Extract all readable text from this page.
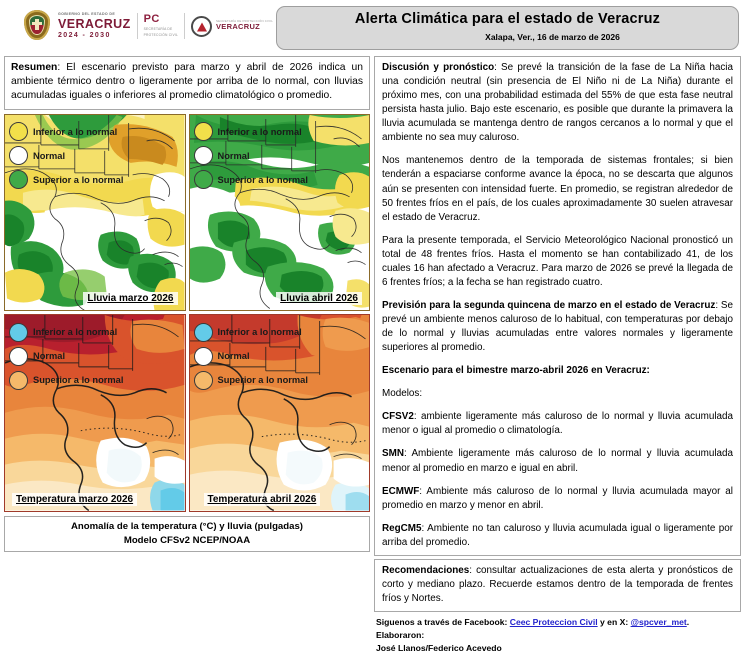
GOBIERNO DEL ESTADO DE
VERACRUZ
2024 - 2030
PC
SECRETARÍA DE
PROTECCIÓN CIVIL
SECRETARÍA DE PROTECCIÓN CIVIL
VERACRUZ	Alerta Climática para el estado de Veracruz
Xalapa, Ver., 16 de marzo de 2026
Resumen: El escenario previsto para marzo y abril de 2026 indica un ambiente térmico dentro o ligeramente por arriba de lo normal, con lluvias acumuladas iguales o inferiores al promedio climatológico o promedio.
Inferior a lo normal
Normal
Superior a lo normal
Lluvia marzo 2026
Inferior a lo normal
Normal
Superior a lo normal
Lluvia abril 2026
Inferior a lo normal
Normal
Superior a lo normal
Temperatura marzo 2026
Inferior a lo normal
Normal
Superior a lo normal
Temperatura abril 2026
Anomalía de la temperatura (°C) y lluvia (pulgadas)
Modelo CFSv2 NCEP/NOAA

Discusión y pronóstico: Se prevé la transición de la fase de La Niña hacia una condición neutral (sin presencia de El Niño ni de La Niña) durante el próximo mes, con una probabilidad estimada del 55% de que esta fase neutral persista hasta julio. Bajo este escenario, es posible que durante la primavera la lluvia acumulada se mantenga dentro de rangos cercanos a lo normal y que el ambiente no sea muy caluroso.

Nos mantenemos dentro de la temporada de sistemas frontales; si bien tenderán a espaciarse conforme avance la época, no se descarta que algunos aún se presenten con intensidad fuerte. En promedio, se registran alrededor de 50 frentes fríos en el país, de los cuales aproximadamente 30 suelen atravesar el estado de Veracruz.

Para la presente temporada, el Servicio Meteorológico Nacional pronosticó un total de 48 frentes fríos. Hasta el momento se han contabilizado 41, de los cuales 16 han afectado a Veracruz. Para marzo de 2026 se prevé la llegada de 6 frentes fríos; a la fecha se han registrado cuatro.

Previsión para la segunda quincena de marzo en el estado de Veracruz: Se prevé un ambiente menos caluroso de lo habitual, con temperaturas por debajo de lo normal y lluvias acumuladas entre valores normales y ligeramente superiores al promedio.

Escenario para el bimestre marzo-abril 2026 en Veracruz:

Modelos:

CFSV2: ambiente ligeramente más caluroso de lo normal y lluvia acumulada menor o igual al promedio o climatología.

SMN: Ambiente ligeramente más caluroso de lo normal y lluvia acumulada menor al promedio en marzo e igual en abril.

ECMWF: Ambiente más caluroso de lo normal y lluvia acumulada mayor al promedio en marzo y menor en abril.

RegCM5: Ambiente no tan caluroso y lluvia acumulada igual o ligeramente por arriba del promedio.

Recomendaciones: consultar actualizaciones de esta alerta y pronósticos de corto y mediano plazo. Recuerde estamos dentro de la temporada de frentes fríos y Nortes.
Siguenos a través de Facebook: Ceec Proteccion Civil y en X: @spcver_met. Elaboraron:
José Llanos/Federico Acevedo
